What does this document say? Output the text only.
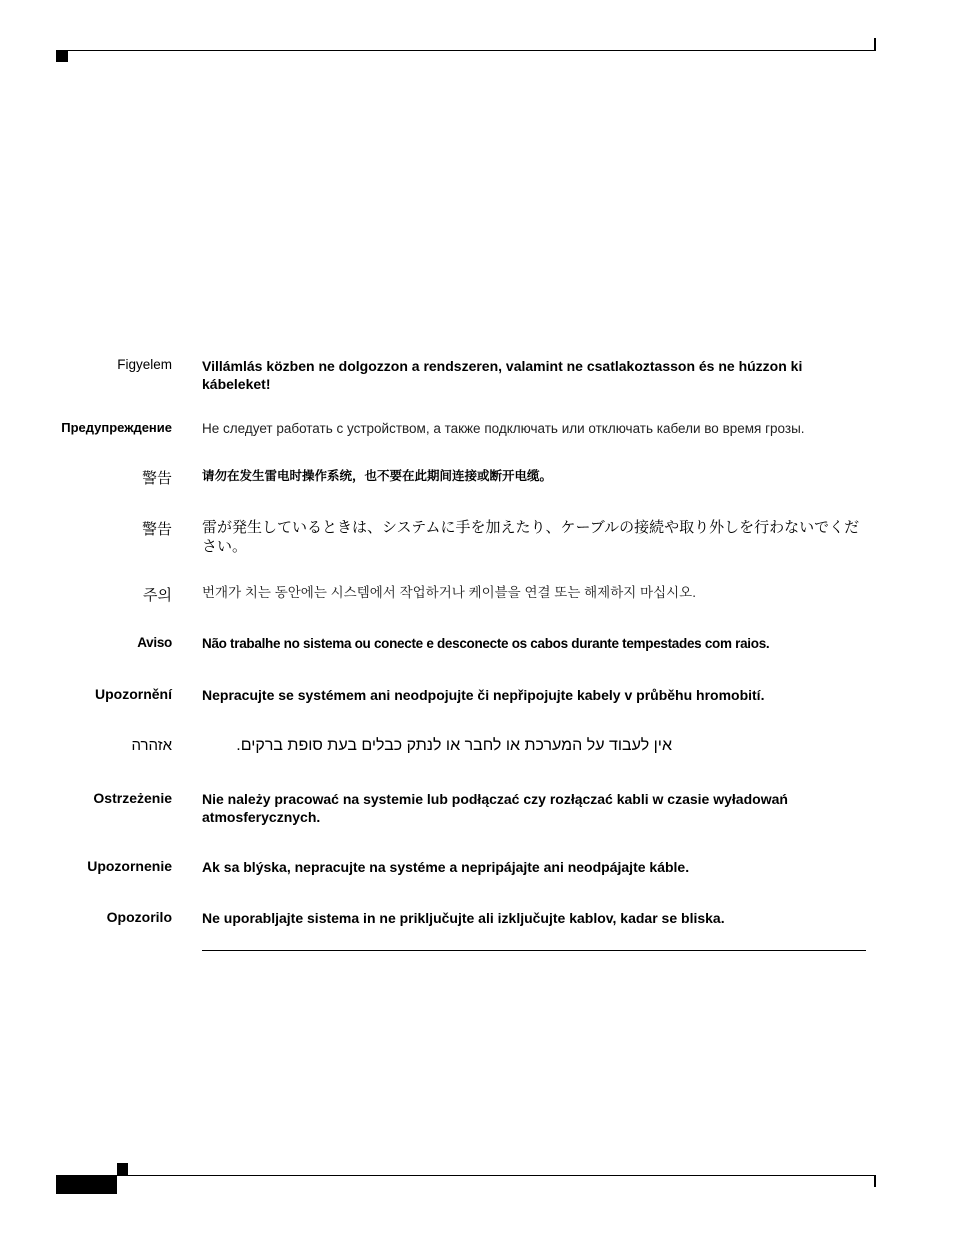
Figyelem Villámlás közben ne dolgozzon a rendszeren, valamint ne csatlakoztasson és ne húzzon ki kábeleket!
Предупреждение Не следует работать с устройством, а также подключать или отключать кабели во время грозы.
警告 请勿在发生雷电时操作系统，也不要在此期间连接或断开电缆。
警告 雷が発生しているときは、システムに手を加えたり、ケーブルの接続や取り外しを行わないでください。
주의 번개가 치는 동안에는 시스템에서 작업하거나 케이블을 연결 또는 해제하지 마십시오.
Aviso Não trabalhe no sistema ou conecte e desconecte os cabos durante tempestades com raios.
Upozornění Nepracujte se systémem ani neodpojujte či nepřipojujte kabely v průběhu hromobití.
אזהרה	אין לעבוד על המערכת או לחבר או לנתק כבלים בעת סופת ברקים.
Ostrzeżenie Nie należy pracować na systemie lub podłączać czy rozłączać kabli w czasie wyładowań atmosferycznych.
Upozornenie Ak sa blýska, nepracujte na systéme a nepripájajte ani neodpájajte káble.
Opozorilo Ne uporabljajte sistema in ne priključujte ali izključujte kablov, kadar se bliska.
